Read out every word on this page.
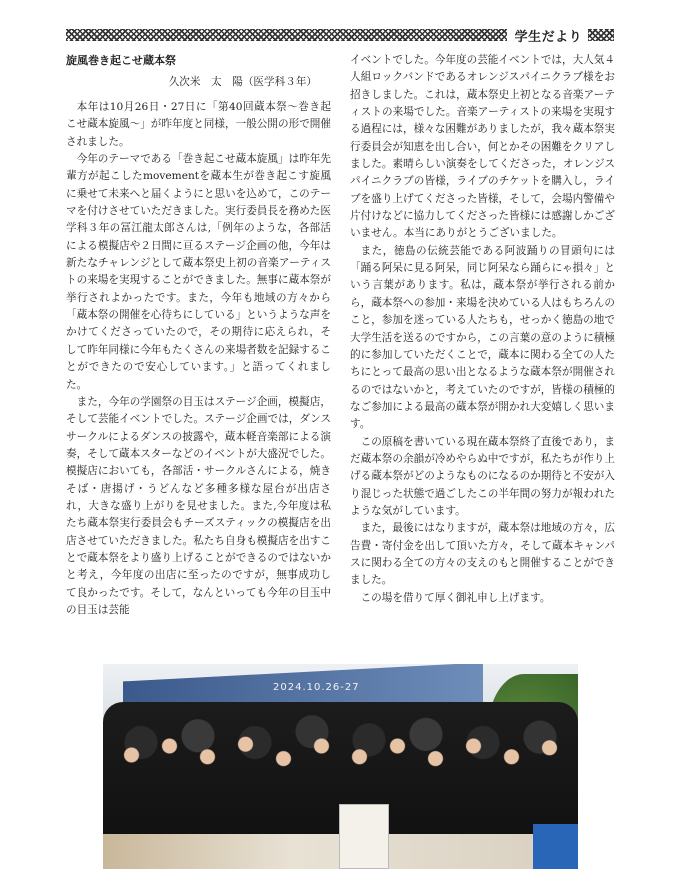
学生だより
旋風巻き起こせ蔵本祭

久次米　太　陽（医学科３年）

本年は10月26日・27日に「第40回蔵本祭〜巻き起こせ蔵本旋風〜」が昨年度と同様，一般公開の形で開催されました。

今年のテーマである「巻き起こせ蔵本旋風」は昨年先輩方が起こしたmovementを蔵本生が巻き起こす旋風に乗せて未来へと届くようにと思いを込めて，このテーマを付けさせていただきました。実行委員長を務めた医学科３年の冨江龍太郎さんは,「例年のような，各部活による模擬店や２日間に亘るステージ企画の他，今年は新たなチャレンジとして蔵本祭史上初の音楽アーティストの来場を実現することができました。無事に蔵本祭が挙行されよかったです。また，今年も地域の方々から「蔵本祭の開催を心待ちにしている」というような声をかけてくださっていたので，その期待に応えられ，そして昨年同様に今年もたくさんの来場者数を記録することができたので安心しています。」と語ってくれました。

また，今年の学園祭の目玉はステージ企画，模擬店，そして芸能イベントでした。ステージ企画では，ダンスサークルによるダンスの披露や，蔵本軽音楽部による演奏，そして蔵本スターなどのイベントが大盛況でした。模擬店においても，各部活・サークルさんによる，焼きそば・唐揚げ・うどんなど多種多様な屋台が出店され，大きな盛り上がりを見せました。また,今年度は私たち蔵本祭実行委員会もチーズスティックの模擬店を出店させていただきました。私たち自身も模擬店を出すことで蔵本祭をより盛り上げることができるのではないかと考え，今年度の出店に至ったのですが，無事成功して良かったです。そして，なんといっても今年の目玉中の目玉は芸能

イベントでした。今年度の芸能イベントでは，大人気４人組ロックバンドであるオレンジスパイニクラブ様をお招きしました。これは，蔵本祭史上初となる音楽アーティストの来場でした。音楽アーティストの来場を実現する過程には，様々な困難がありましたが，我々蔵本祭実行委員会が知恵を出し合い，何とかその困難をクリアしました。素晴らしい演奏をしてくださった，オレンジスパイニクラブの皆様，ライブのチケットを購入し，ライブを盛り上げてくださった皆様，そして，会場内警備や片付けなどに協力してくださった皆様には感謝しかございません。本当にありがとうございました。

また，徳島の伝統芸能である阿波踊りの冒頭句には「踊る阿呆に見る阿呆，同じ阿呆なら踊らにゃ損々」という言葉があります。私は，蔵本祭が挙行される前から，蔵本祭への参加・来場を決めている人はもちろんのこと，参加を迷っている人たちも，せっかく徳島の地で大学生活を送るのですから，この言葉の意のように積極的に参加していただくことで，蔵本に関わる全ての人たちにとって最高の思い出となるような蔵本祭が開催されるのではないかと，考えていたのですが，皆様の積極的なご参加による最高の蔵本祭が開かれ大変嬉しく思います。

この原稿を書いている現在蔵本祭終了直後であり，まだ蔵本祭の余韻が冷めやらぬ中ですが，私たちが作り上げる蔵本祭がどのようなものになるのか期待と不安が入り混じった状態で過ごしたこの半年間の努力が報われたような気がしています。

また，最後にはなりますが，蔵本祭は地域の方々，広告費・寄付金を出して頂いた方々，そして蔵本キャンパスに関わる全ての方々の支えのもと開催することができました。

この場を借りて厚く御礼申し上げます。

2024.10.26-27
